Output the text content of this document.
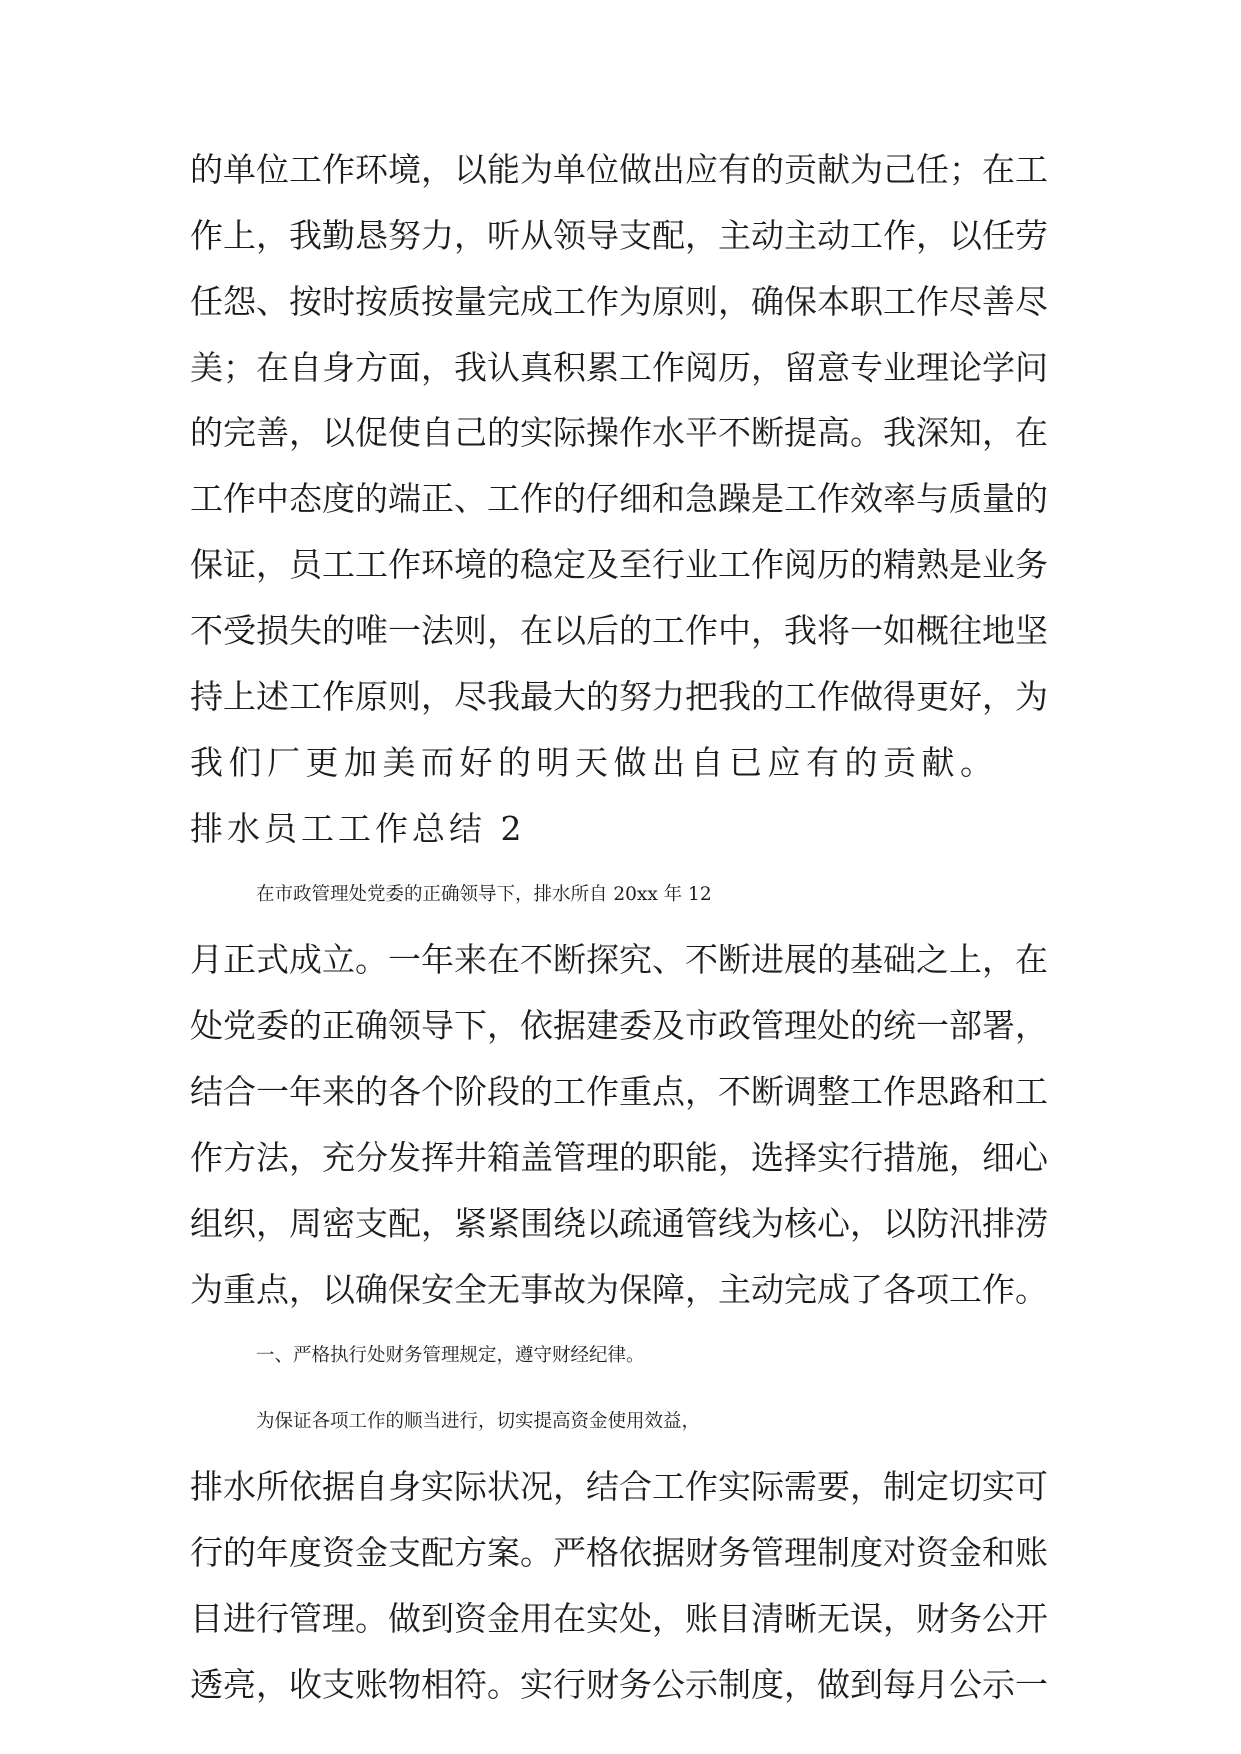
的单位工作环境，以能为单位做出应有的贡献为己任；在工
作上，我勤恳努力，听从领导支配，主动主动工作，以任劳
任怨、按时按质按量完成工作为原则，确保本职工作尽善尽
美；在自身方面，我认真积累工作阅历，留意专业理论学问
的完善，以促使自己的实际操作水平不断提高。我深知，在
工作中态度的端正、工作的仔细和急躁是工作效率与质量的
保证，员工工作环境的稳定及至行业工作阅历的精熟是业务
不受损失的唯一法则，在以后的工作中，我将一如概往地坚
持上述工作原则，尽我最大的努力把我的工作做得更好，为
我们厂更加美而好的明天做出自已应有的贡献。
排水员工工作总结 2
在市政管理处党委的正确领导下，排水所自 20xx 年 12
月正式成立。一年来在不断探究、不断进展的基础之上，在
处党委的正确领导下，依据建委及市政管理处的统一部署，
结合一年来的各个阶段的工作重点，不断调整工作思路和工
作方法，充分发挥井箱盖管理的职能，选择实行措施，细心
组织，周密支配，紧紧围绕以疏通管线为核心，以防汛排涝
为重点，以确保安全无事故为保障，主动完成了各项工作。
一、严格执行处财务管理规定，遵守财经纪律。
为保证各项工作的顺当进行，切实提高资金使用效益，
排水所依据自身实际状况，结合工作实际需要，制定切实可
行的年度资金支配方案。严格依据财务管理制度对资金和账
目进行管理。做到资金用在实处，账目清晰无误，财务公开
透亮，收支账物相符。实行财务公示制度，做到每月公示一
